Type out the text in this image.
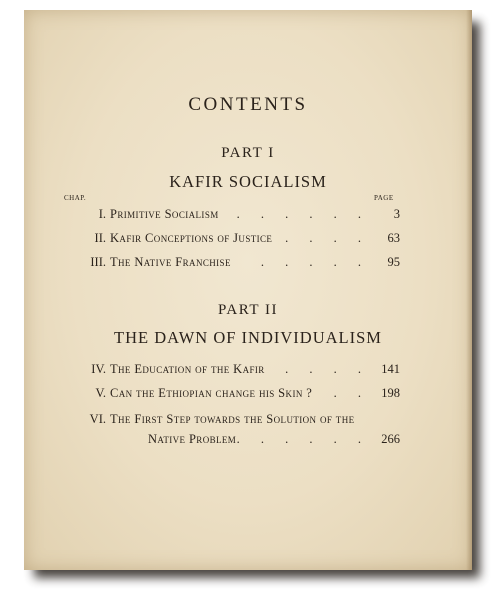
CONTENTS
PART I
KAFIR SOCIALISM
CHAP.	PAGE
I. Primitive Socialism . . . . . . 3
II. Kafir Conceptions of Justice . . . . 63
III. The Native Franchise . . . . . 95
PART II
THE DAWN OF INDIVIDUALISM
IV. The Education of the Kafir . . . . 141
V. Can the Ethiopian change his Skin ? . . 198
VI. The First Step towards the Solution of the
Native Problem . . . . . . 266
